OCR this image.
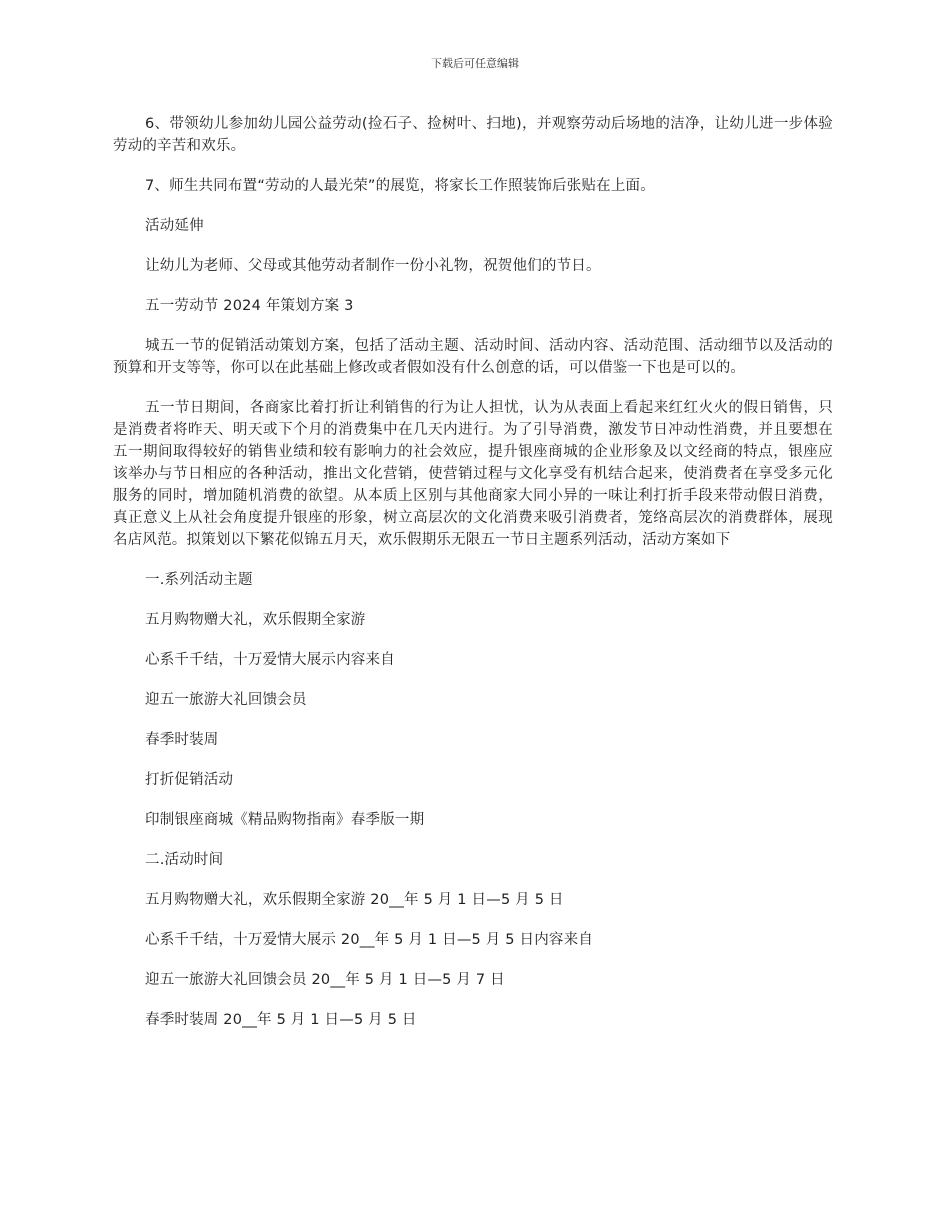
下载后可任意编辑

6、带领幼儿参加幼儿园公益劳动(捡石子、捡树叶、扫地)，并观察劳动后场地的洁净，让幼儿进一步体验劳动的辛苦和欢乐。

7、师生共同布置“劳动的人最光荣”的展览，将家长工作照装饰后张贴在上面。

活动延伸

让幼儿为老师、父母或其他劳动者制作一份小礼物，祝贺他们的节日。

五一劳动节 2024 年策划方案 3

城五一节的促销活动策划方案，包括了活动主题、活动时间、活动内容、活动范围、活动细节以及活动的预算和开支等等，你可以在此基础上修改或者假如没有什么创意的话，可以借鉴一下也是可以的。

五一节日期间，各商家比着打折让利销售的行为让人担忧，认为从表面上看起来红红火火的假日销售，只是消费者将昨天、明天或下个月的消费集中在几天内进行。为了引导消费，激发节日冲动性消费，并且要想在五一期间取得较好的销售业绩和较有影响力的社会效应，提升银座商城的企业形象及以文经商的特点，银座应该举办与节日相应的各种活动，推出文化营销，使营销过程与文化享受有机结合起来，使消费者在享受多元化服务的同时，增加随机消费的欲望。从本质上区别与其他商家大同小异的一味让利打折手段来带动假日消费，真正意义上从社会角度提升银座的形象，树立高层次的文化消费来吸引消费者，笼络高层次的消费群体，展现名店风范。拟策划以下繁花似锦五月天，欢乐假期乐无限五一节日主题系列活动，活动方案如下

一.系列活动主题

五月购物赠大礼，欢乐假期全家游

心系千千结，十万爱情大展示内容来自

迎五一旅游大礼回馈会员

春季时装周

打折促销活动

印制银座商城《精品购物指南》春季版一期

二.活动时间

五月购物赠大礼，欢乐假期全家游 20__年 5 月 1 日—5 月 5 日

心系千千结，十万爱情大展示 20__年 5 月 1 日—5 月 5 日内容来自

迎五一旅游大礼回馈会员 20__年 5 月 1 日—5 月 7 日

春季时装周 20__年 5 月 1 日—5 月 5 日
